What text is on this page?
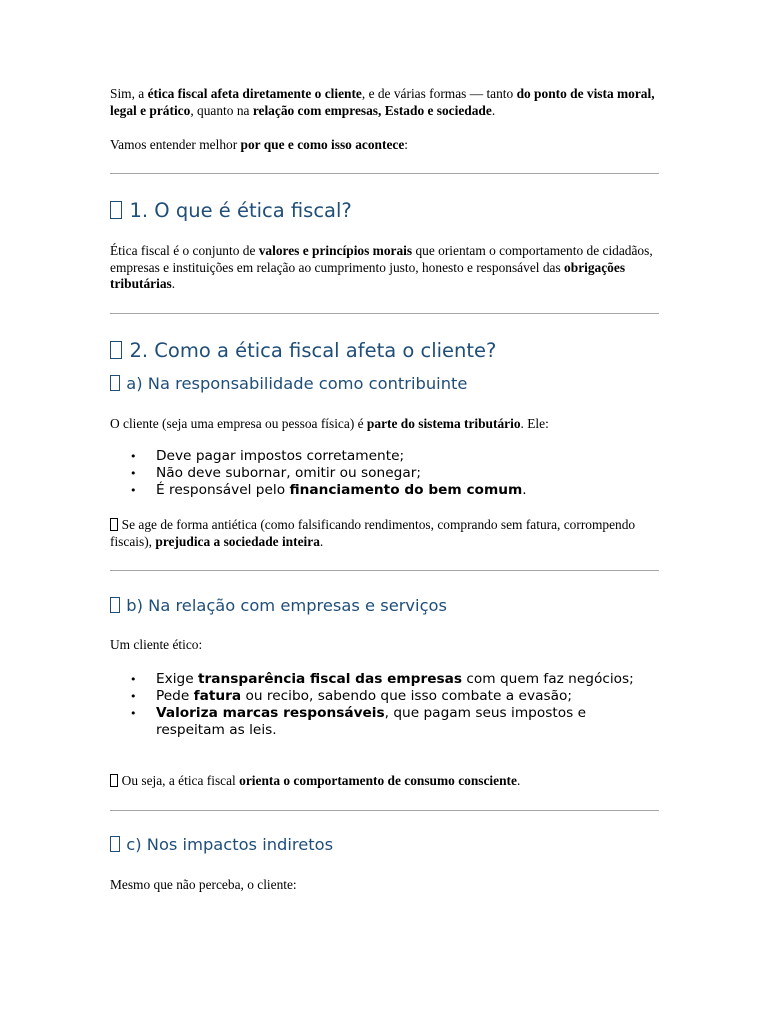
Sim, a ética fiscal afeta diretamente o cliente, e de várias formas — tanto do ponto de vista moral, legal e prático, quanto na relação com empresas, Estado e sociedade.

Vamos entender melhor por que e como isso acontece:

1. O que é ética fiscal?

Ética fiscal é o conjunto de valores e princípios morais que orientam o comportamento de cidadãos, empresas e instituições em relação ao cumprimento justo, honesto e responsável das obrigações tributárias.

2. Como a ética fiscal afeta o cliente?
a) Na responsabilidade como contribuinte

O cliente (seja uma empresa ou pessoa física) é parte do sistema tributário. Ele:

• Deve pagar impostos corretamente;
• Não deve subornar, omitir ou sonegar;
• É responsável pelo financiamento do bem comum.

Se age de forma antiética (como falsificando rendimentos, comprando sem fatura, corrompendo fiscais), prejudica a sociedade inteira.

b) Na relação com empresas e serviços

Um cliente ético:

• Exige transparência fiscal das empresas com quem faz negócios;
• Pede fatura ou recibo, sabendo que isso combate a evasão;
• Valoriza marcas responsáveis, que pagam seus impostos e respeitam as leis.

Ou seja, a ética fiscal orienta o comportamento de consumo consciente.

c) Nos impactos indiretos

Mesmo que não perceba, o cliente:
